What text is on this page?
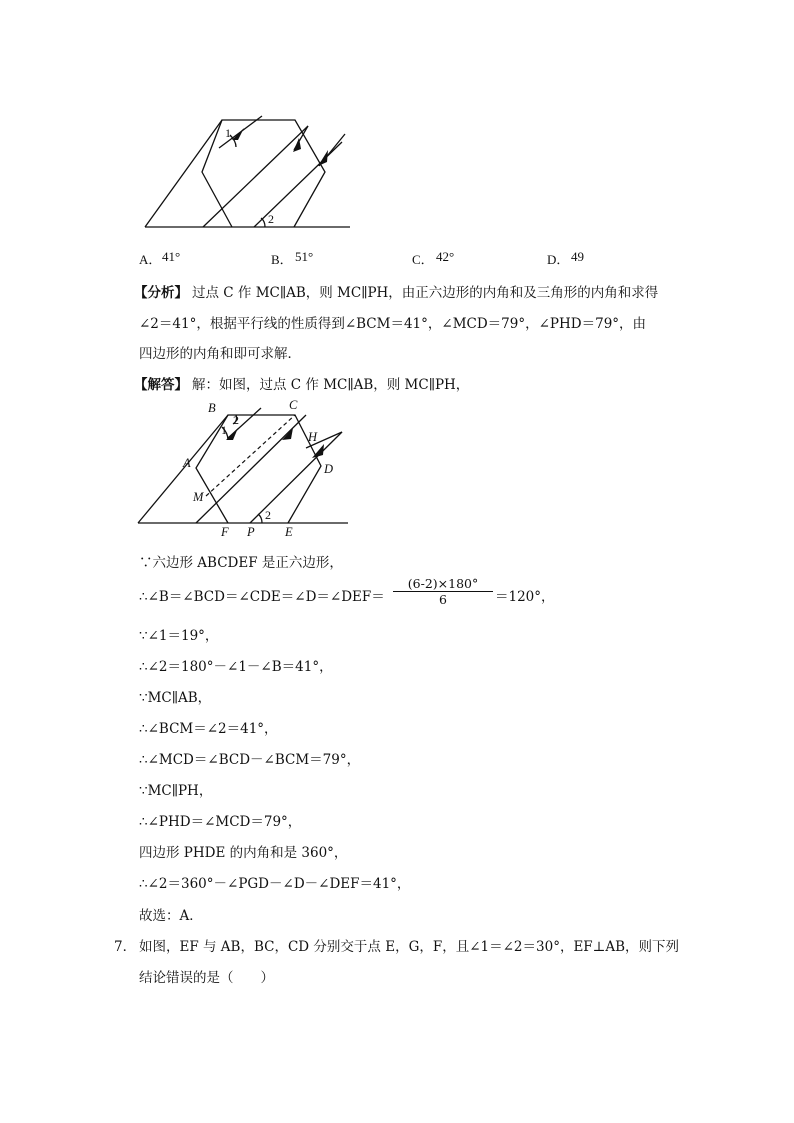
1
2
A． 41°	B． 51°	C． 42°	D． 49
【分析】 过点 C 作 MC∥AB，则 MC∥PH，由正六边形的内角和及三角形的内角和求得
∠2＝41°，根据平行线的性质得到∠BCM＝41°，∠MCD＝79°，∠PHD＝79°，由
四边形的内角和即可求解．
【解答】 解：如图，过点 C 作 MC∥AB，则 MC∥PH，
B	C
H
A	D
M
F P E
1
2
2
∵六边形 ABCDEF 是正六边形，
∴∠B＝∠BCD＝∠CDE＝∠D＝∠DEF＝ $\frac{(6-2)\times 180^\circ}{6} =120^\circ$，
∵∠1＝19°，
∴∠2＝180°－∠1－∠B＝41°，
∵MC∥AB，
∴∠BCM＝∠2＝41°，
∴∠MCD＝∠BCD－∠BCM＝79°，
∵MC∥PH，
∴∠PHD＝∠MCD＝79°，
四边形 PHDE 的内角和是 360°，
∴∠2＝360°－∠PGD－∠D－∠DEF＝41°，
故选：A．
7． 如图，EF 与 AB，BC，CD 分别交于点 E，G，F，且∠1＝∠2＝30°，EF⊥AB，则下列
结论错误的是（　　）
